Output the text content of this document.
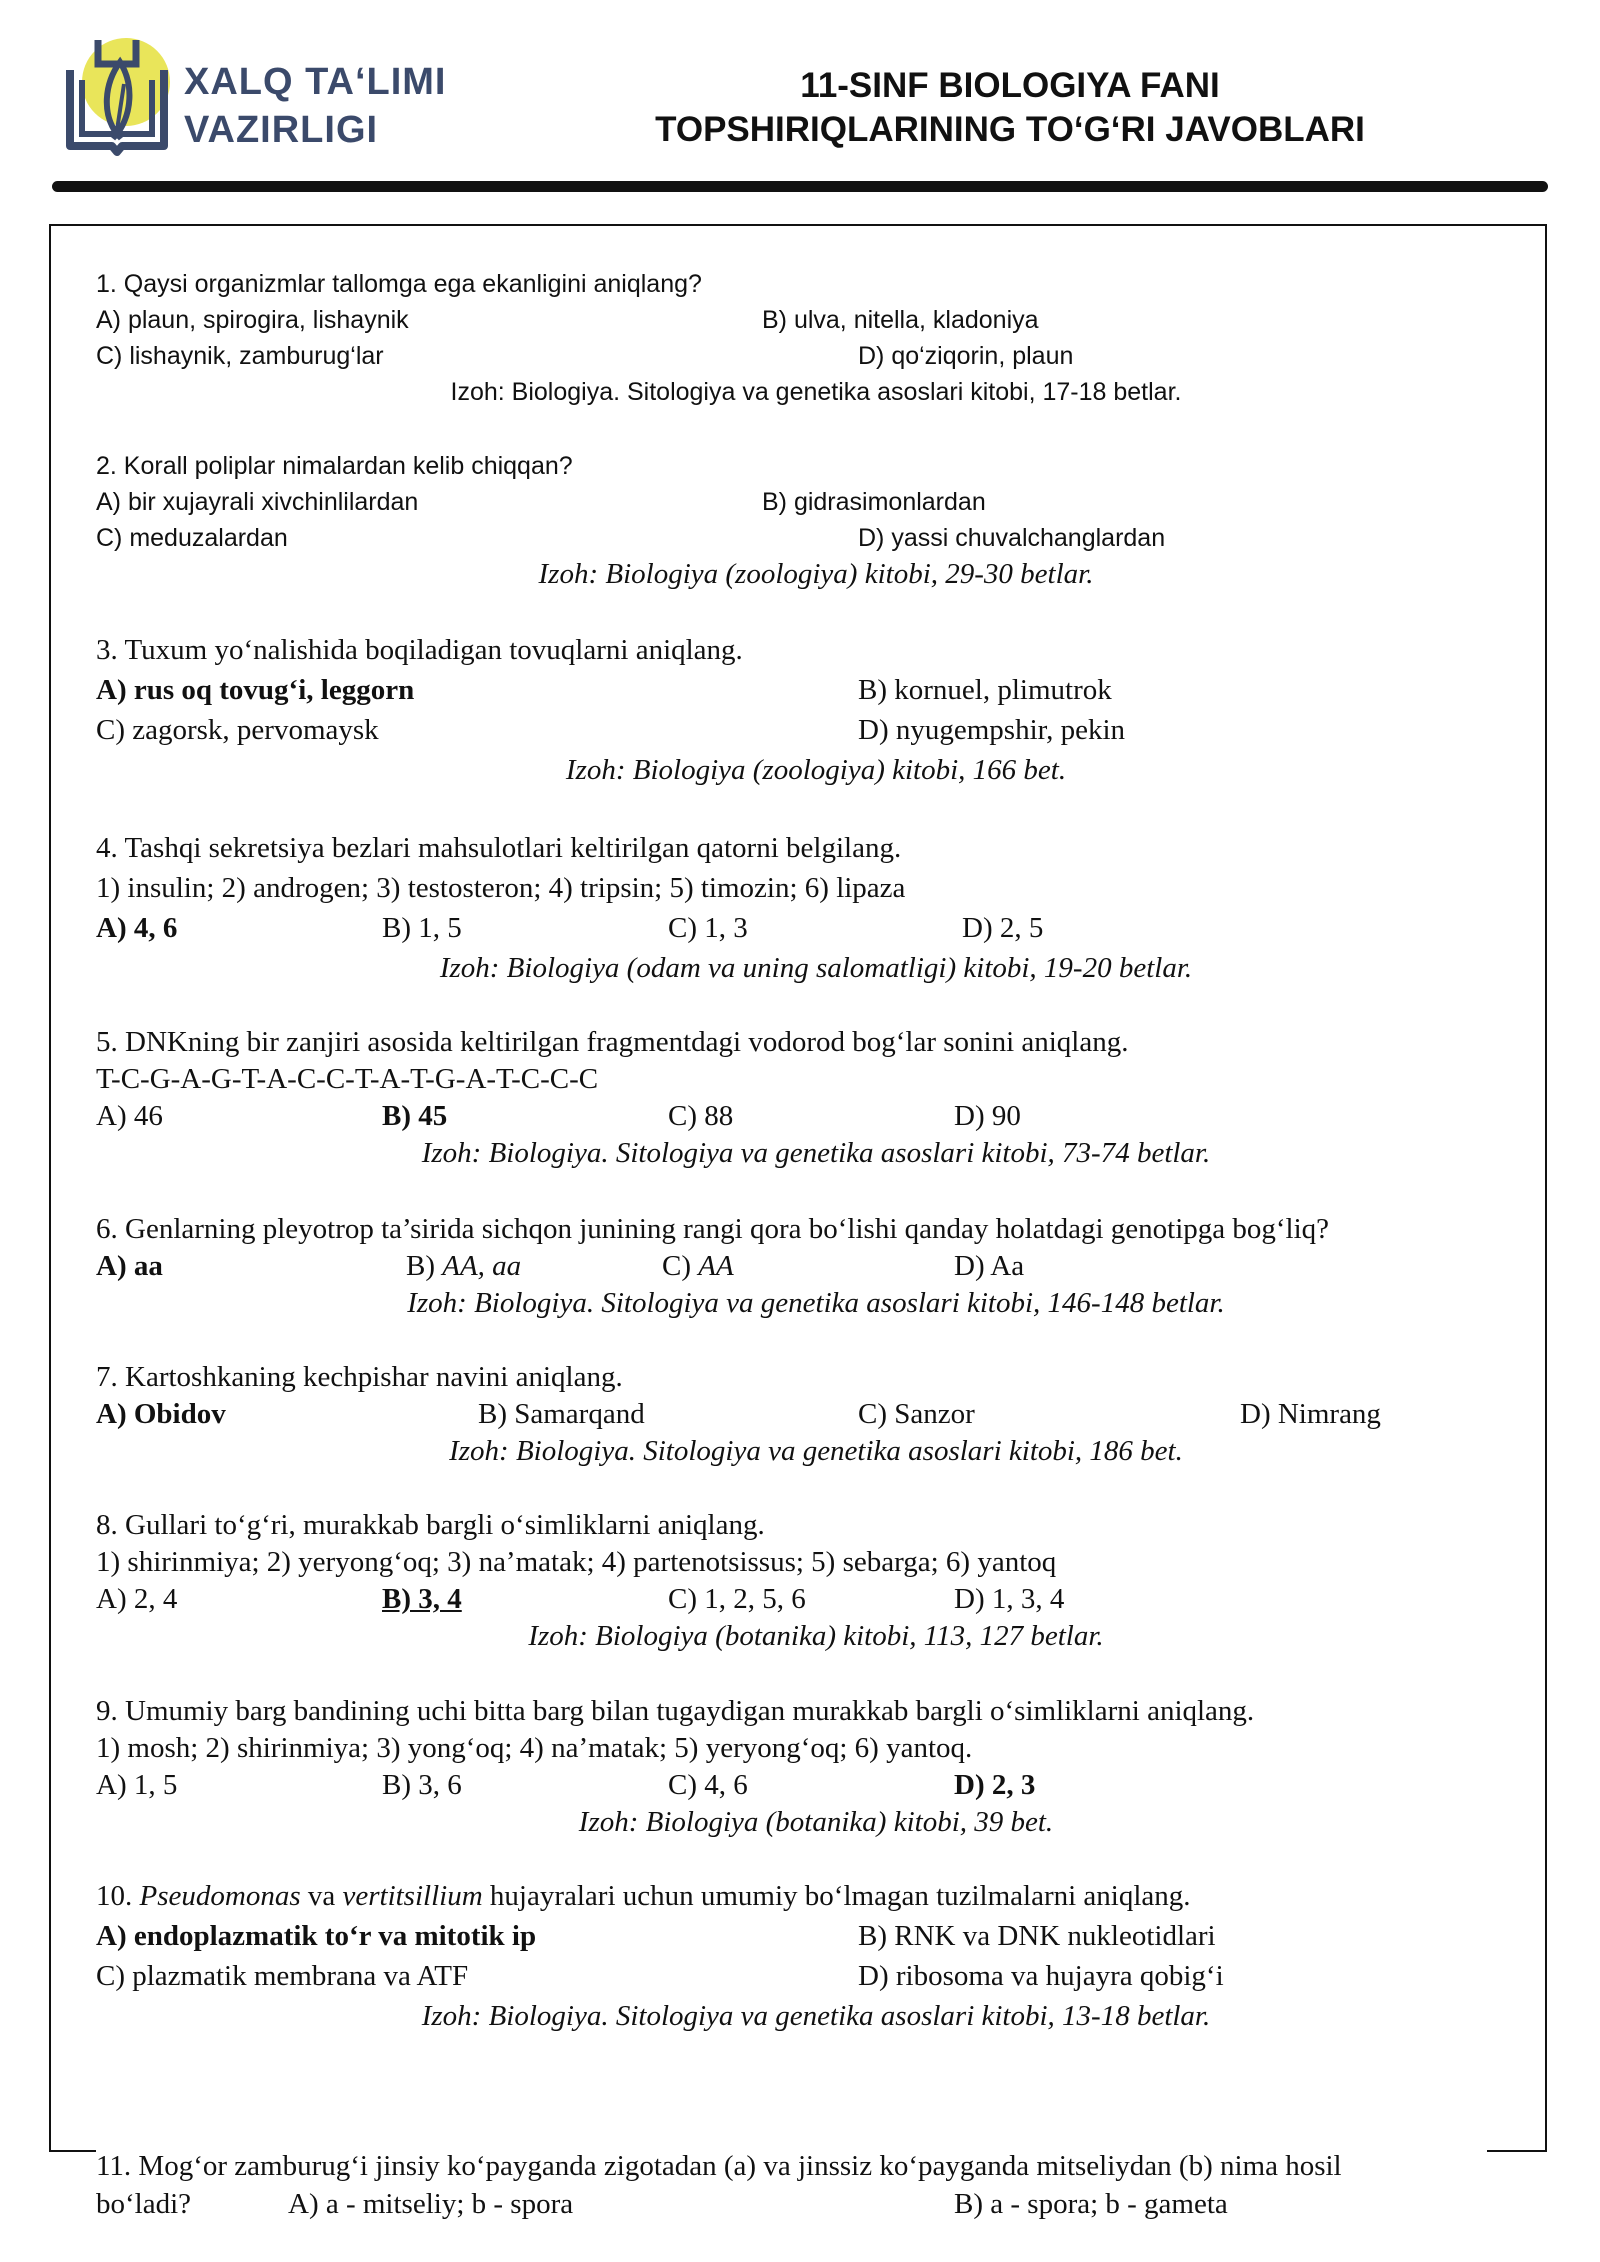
XALQ TAʻLIMI
VAZIRLIGI
11-SINF BIOLOGIYA FANI
TOPSHIRIQLARINING TO‘G‘RI JAVOBLARI
1. Qaysi organizmlar tallomga ega ekanligini aniqlang?
A) plaun, spirogira, lishaynik	B) ulva, nitella, kladoniya
C) lishaynik, zamburug‘lar	D) qo‘ziqorin, plaun
Izoh: Biologiya. Sitologiya va genetika asoslari kitobi, 17-18 betlar.
2. Korall poliplar nimalardan kelib chiqqan?
A) bir xujayrali xivchinlilardan	B) gidrasimonlardan
C) meduzalardan	D) yassi chuvalchanglardan
Izoh: Biologiya (zoologiya) kitobi, 29-30 betlar.
3. Tuxum yo‘nalishida boqiladigan tovuqlarni aniqlang.
A) rus oq tovug‘i, leggorn	B) kornuel, plimutrok
C) zagorsk, pervomaysk	D) nyugempshir, pekin
Izoh: Biologiya (zoologiya) kitobi, 166 bet.
4. Tashqi sekretsiya bezlari mahsulotlari keltirilgan qatorni belgilang.
1) insulin; 2) androgen; 3) testosteron; 4) tripsin; 5) timozin; 6) lipaza
A) 4, 6	B) 1, 5	C) 1, 3	D) 2, 5
Izoh: Biologiya (odam va uning salomatligi) kitobi, 19-20 betlar.
5. DNKning bir zanjiri asosida keltirilgan fragmentdagi vodorod bog‘lar sonini aniqlang.
T-C-G-A-G-T-A-C-C-T-A-T-G-A-T-C-C-C
A) 46	B) 45	C) 88	D) 90
Izoh: Biologiya. Sitologiya va genetika asoslari kitobi, 73-74 betlar.
6. Genlarning pleyotrop ta’sirida sichqon junining rangi qora bo‘lishi qanday holatdagi genotipga bog‘liq?
A) aa	B) AA, aa	C) AA	D) Aa
Izoh: Biologiya. Sitologiya va genetika asoslari kitobi, 146-148 betlar.
7. Kartoshkaning kechpishar navini aniqlang.
A) Obidov	B) Samarqand	C) Sanzor	D) Nimrang
Izoh: Biologiya. Sitologiya va genetika asoslari kitobi, 186 bet.
8. Gullari to‘g‘ri, murakkab bargli o‘simliklarni aniqlang.
1) shirinmiya; 2) yeryong‘oq; 3) na’matak; 4) partenotsissus; 5) sebarga; 6) yantoq
A) 2, 4	B) 3, 4	C) 1, 2, 5, 6	D) 1, 3, 4
Izoh: Biologiya (botanika) kitobi, 113, 127 betlar.
9. Umumiy barg bandining uchi bitta barg bilan tugaydigan murakkab bargli o‘simliklarni aniqlang.
1) mosh; 2) shirinmiya; 3) yong‘oq; 4) na’matak; 5) yeryong‘oq; 6) yantoq.
A) 1, 5	B) 3, 6	C) 4, 6	D) 2, 3
Izoh: Biologiya (botanika) kitobi, 39 bet.
10. Pseudomonas va vertitsillium hujayralari uchun umumiy bo‘lmagan tuzilmalarni aniqlang.
A) endoplazmatik to‘r va mitotik ip	B) RNK va DNK nukleotidlari
C) plazmatik membrana va ATF	D) ribosoma va hujayra qobig‘i
Izoh: Biologiya. Sitologiya va genetika asoslari kitobi, 13-18 betlar.
11. Mog‘or zamburug‘i jinsiy ko‘payganda zigotadan (a) va jinssiz ko‘payganda mitseliydan (b) nima hosil
bo‘ladi?	A) a - mitseliy; b - spora	B) a - spora; b - gameta
